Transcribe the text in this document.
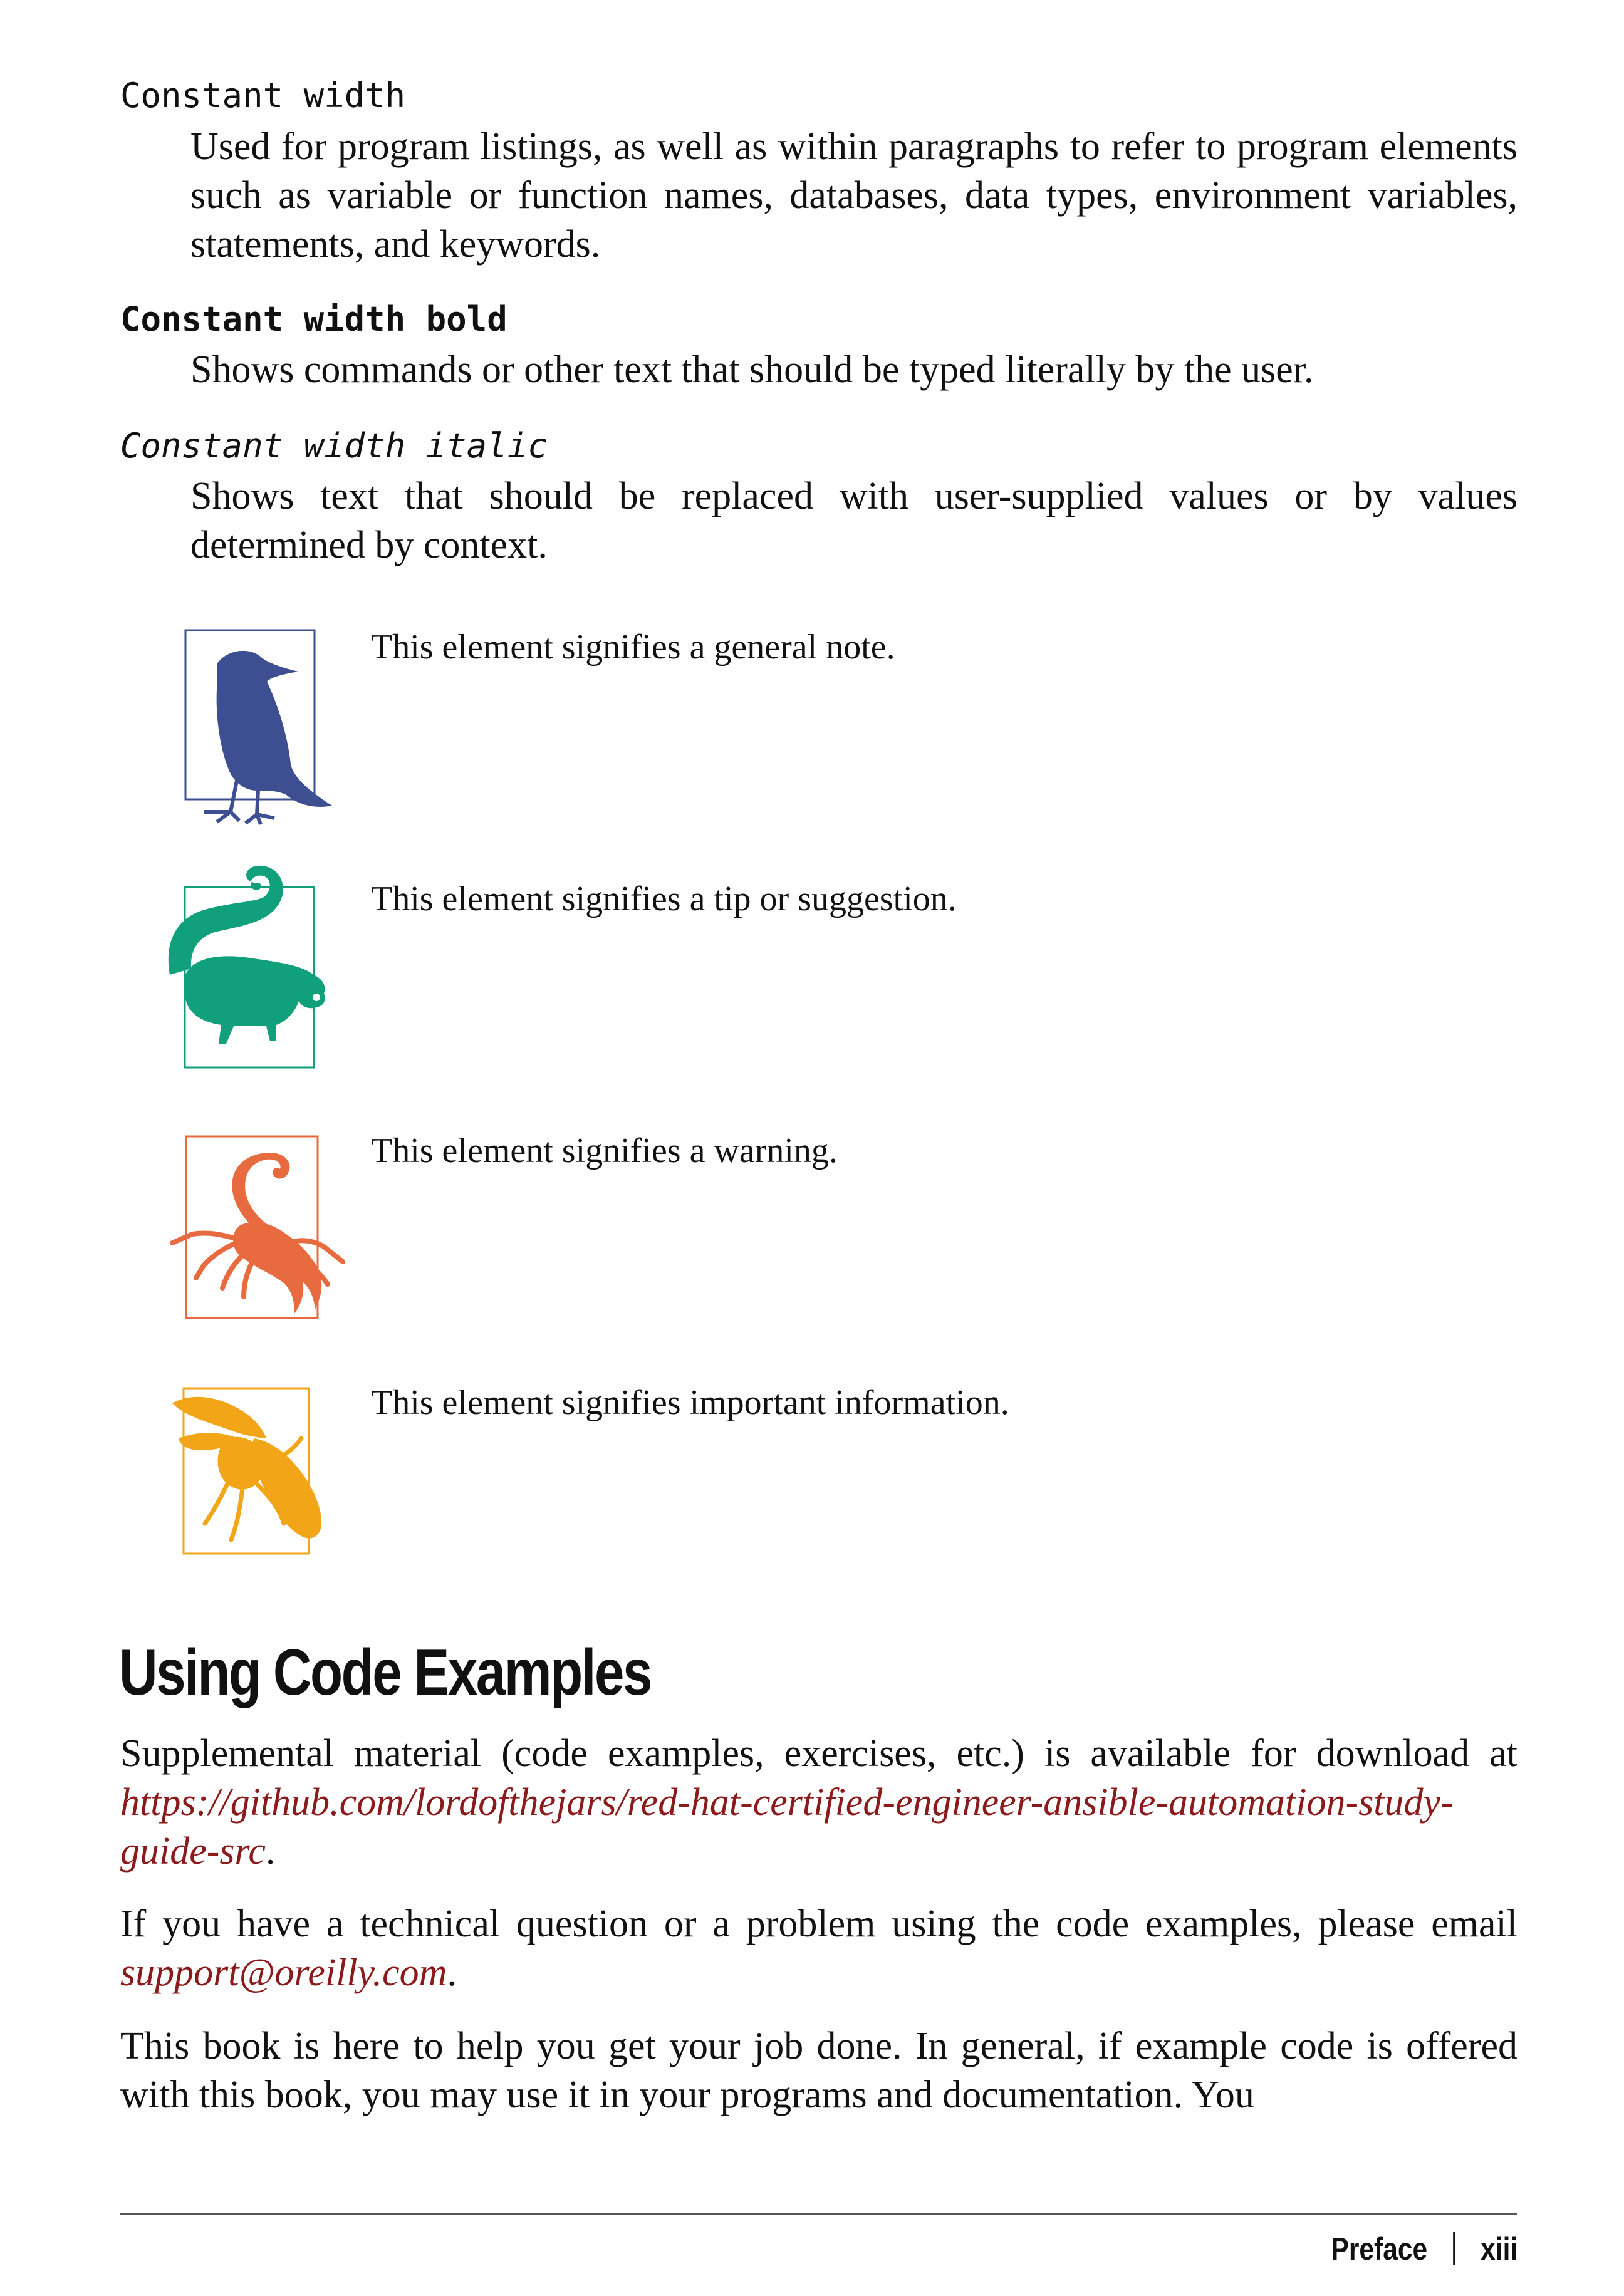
Constant width

Used for program listings, as well as within paragraphs to refer to program elements such as variable or function names, databases, data types, environment variables, statements, and keywords.

Constant width bold

Shows commands or other text that should be typed literally by the user.

Constant width italic

Shows text that should be replaced with user-supplied values or by values determined by context.

This element signifies a general note.

This element signifies a tip or suggestion.

This element signifies a warning.

This element signifies important information.

Using Code Examples

Supplemental material (code examples, exercises, etc.) is available for download at https://github.com/lordofthejars/red-hat-certified-engineer-ansible-automation-study-guide-src.

If you have a technical question or a problem using the code examples, please email support@oreilly.com.

This book is here to help you get your job done. In general, if example code is offered with this book, you may use it in your programs and documentation. You

Preface xiii
